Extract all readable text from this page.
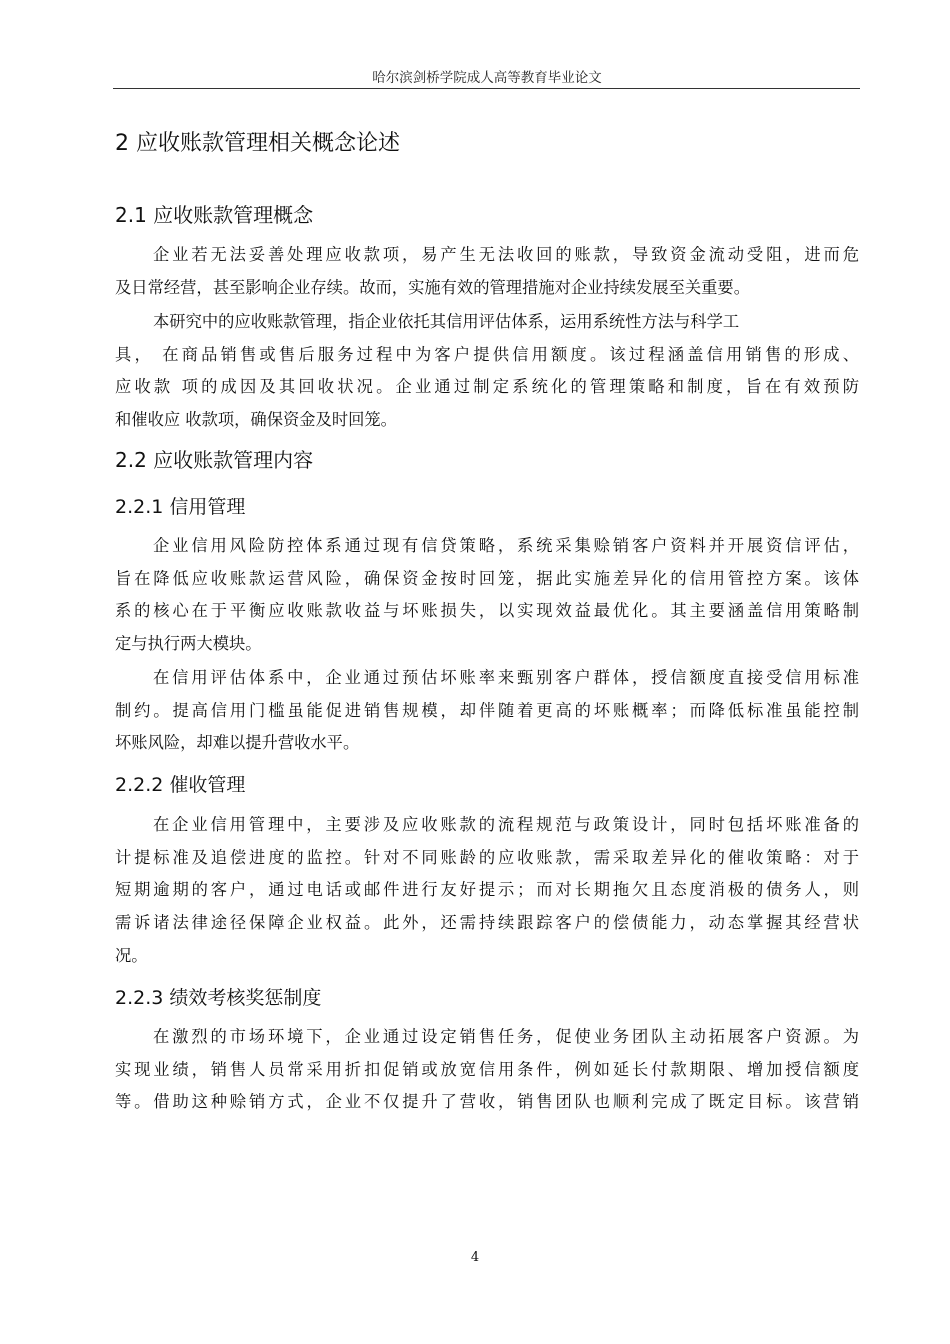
哈尔滨剑桥学院成人高等教育毕业论文
2 应收账款管理相关概念论述
2.1 应收账款管理概念
企业若无法妥善处理应收款项，易产生无法收回的账款，导致资金流动受阻，进而危
及日常经营，甚至影响企业存续。故而，实施有效的管理措施对企业持续发展至关重要。
本研究中的应收账款管理，指企业依托其信用评估体系，运用系统性方法与科学工
具， 在商品销售或售后服务过程中为客户提供信用额度。该过程涵盖信用销售的形成、
应收款 项的成因及其回收状况。企业通过制定系统化的管理策略和制度，旨在有效预防
和催收应 收款项，确保资金及时回笼。
2.2 应收账款管理内容
2.2.1 信用管理
企业信用风险防控体系通过现有信贷策略，系统采集赊销客户资料并开展资信评估，
旨在降低应收账款运营风险，确保资金按时回笼，据此实施差异化的信用管控方案。该体
系的核心在于平衡应收账款收益与坏账损失，以实现效益最优化。其主要涵盖信用策略制
定与执行两大模块。
在信用评估体系中，企业通过预估坏账率来甄别客户群体，授信额度直接受信用标准
制约。提高信用门槛虽能促进销售规模，却伴随着更高的坏账概率；而降低标准虽能控制
坏账风险，却难以提升营收水平。
2.2.2 催收管理
在企业信用管理中，主要涉及应收账款的流程规范与政策设计，同时包括坏账准备的
计提标准及追偿进度的监控。针对不同账龄的应收账款，需采取差异化的催收策略：对于
短期逾期的客户，通过电话或邮件进行友好提示；而对长期拖欠且态度消极的债务人，则
需诉诸法律途径保障企业权益。此外，还需持续跟踪客户的偿债能力，动态掌握其经营状
况。
2.2.3 绩效考核奖惩制度
在激烈的市场环境下，企业通过设定销售任务，促使业务团队主动拓展客户资源。为
实现业绩，销售人员常采用折扣促销或放宽信用条件，例如延长付款期限、增加授信额度
等。借助这种赊销方式，企业不仅提升了营收，销售团队也顺利完成了既定目标。该营销
4
